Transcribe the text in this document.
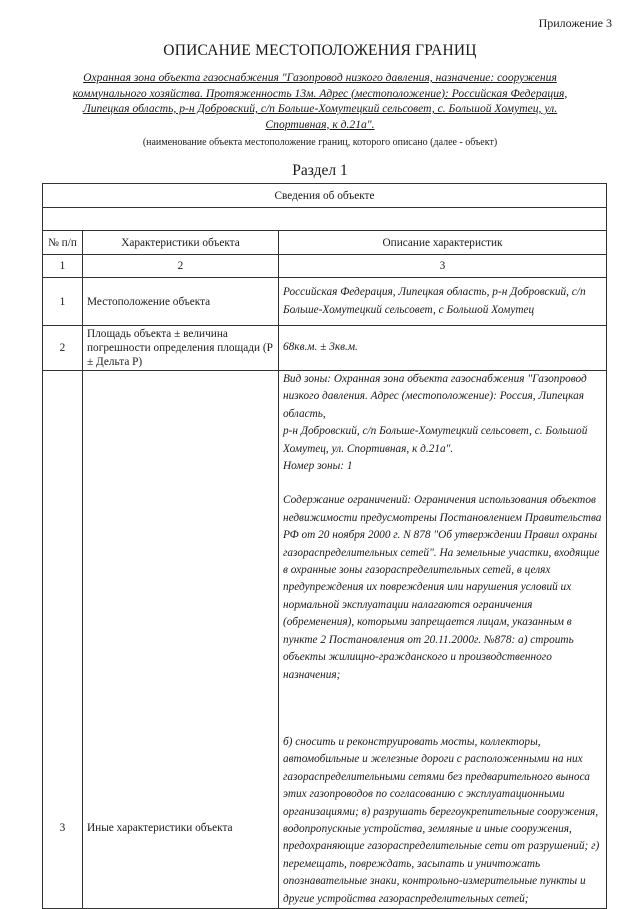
Приложение 3
ОПИСАНИЕ МЕСТОПОЛОЖЕНИЯ ГРАНИЦ
Охранная зона объекта газоснабжения "Газопровод низкого давления, назначение: сооружения коммунального хозяйства. Протяженность 13м. Адрес (местоположение): Российская Федерация, Липецкая область, р-н Добровский, с/п Больше-Хомутецкий сельсовет, с. Большой Хомутец, ул. Спортивная, к д.21а".
(наименование объекта местоположение границ, которого описано (далее - объект)
Раздел 1
Сведения об объекте		

№ п/п	Характеристики объекта	Описание характеристик
1	2	3
1	Местоположение объекта	Российская Федерация, Липецкая область, р-н Добровский, с/п Больше-Хомутецкий сельсовет, с Большой Хомутец
2	Площадь объекта ± величина погрешности определения площади (P ± Дельта P)	68кв.м. ± 3кв.м.
3	Иные характеристики объекта	Вид зоны: Охранная зона объекта газоснабжения "Газопровод низкого давления. Адрес (местоположение): Россия, Липецкая область,

р-н Добровский, с/п Больше-Хомутецкий сельсовет, с. Большой Хомутец, ул. Спортивная, к д.21а".

Номер зоны: 1

Содержание ограничений: Ограничения использования объектов недвижимости предусмотрены Постановлением Правительства РФ от 20 ноября 2000 г. N 878 "Об утверждении Правил охраны газораспределительных сетей". На земельные участки, входящие в охранные зоны газораспределительных сетей, в целях предупреждения их повреждения или нарушения условий их нормальной эксплуатации налагаются ограничения (обременения), которыми запрещается лицам, указанным в пункте 2 Постановления от 20.11.2000г. №878: а) строить объекты жилищно-гражданского и производственного назначения;

б) сносить и реконструировать мосты, коллекторы, автомобильные и железные дороги с расположенными на них газораспределительными сетями без предварительного выноса этих газопроводов по согласованию с эксплуатационными организациями; в) разрушать берегоукрепительные сооружения, водопропускные устройства, земляные и иные сооружения, предохраняющие газораспределительные сети от разрушений; г) перемещать, повреждать, засыпать и уничтожать опознавательные знаки, контрольно-измерительные пункты и другие устройства газораспределительных сетей;
